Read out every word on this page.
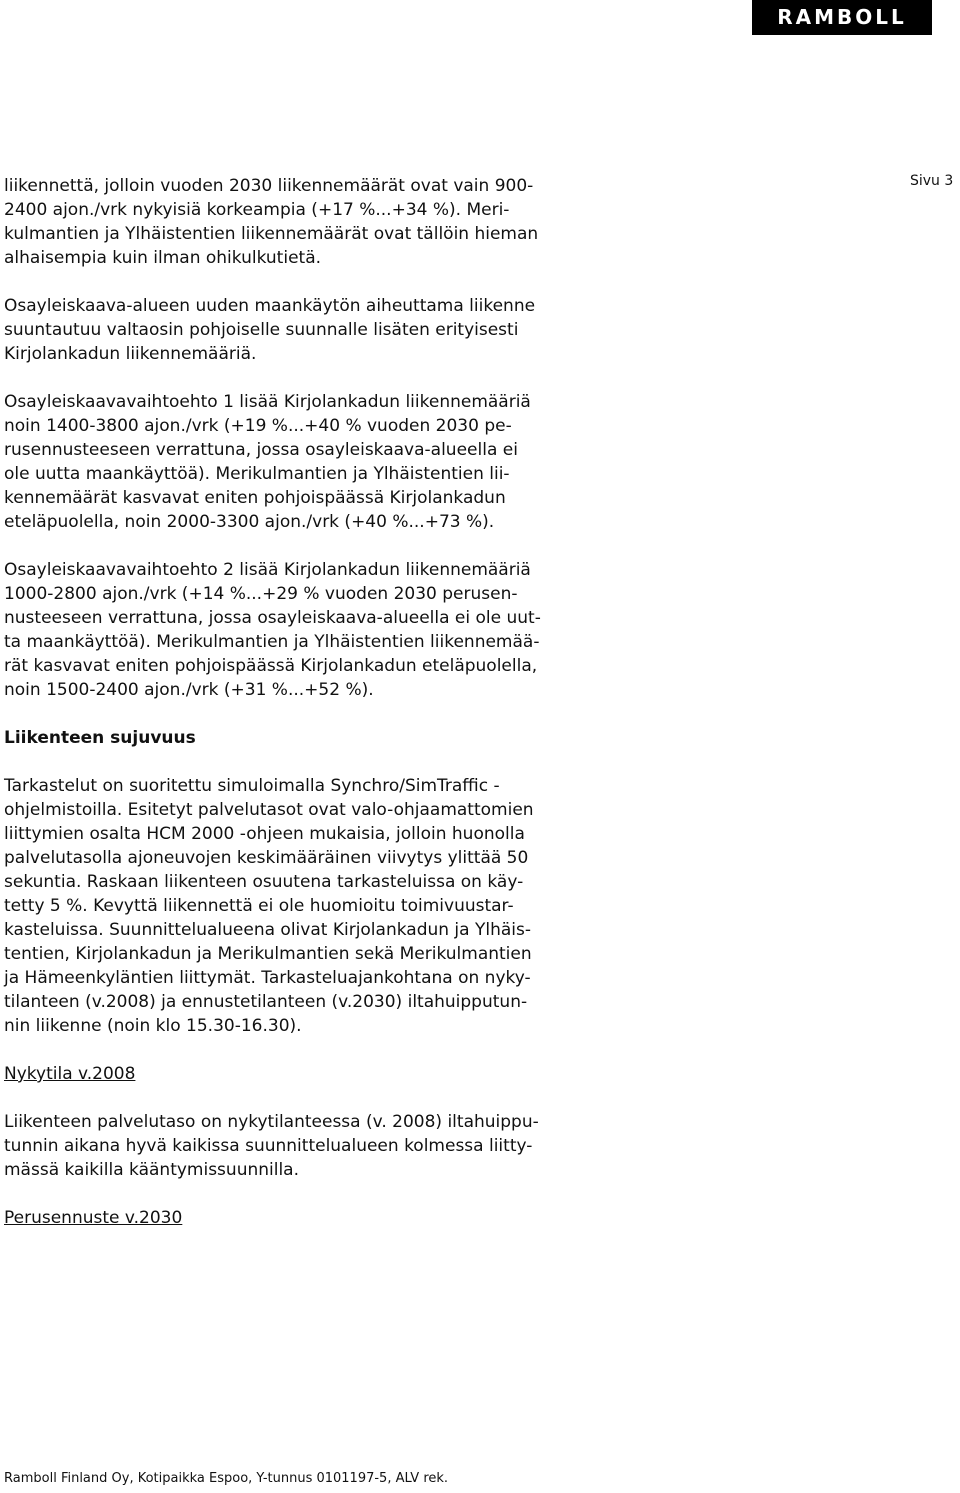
RAMBOLL
Sivu 3

liikennettä, jolloin vuoden 2030 liikennemäärät ovat vain 900-
2400 ajon./vrk nykyisiä korkeampia (+17 %...+34 %). Meri-
kulmantien ja Ylhäistentien liikennemäärät ovat tällöin hieman
alhaisempia kuin ilman ohikulkutietä.

Osayleiskaava-alueen uuden maankäytön aiheuttama liikenne
suuntautuu valtaosin pohjoiselle suunnalle lisäten erityisesti
Kirjolankadun liikennemääriä.

Osayleiskaavavaihtoehto 1 lisää Kirjolankadun liikennemääriä
noin 1400-3800 ajon./vrk (+19 %...+40 % vuoden 2030 pe-
rusennusteeseen verrattuna, jossa osayleiskaava-alueella ei
ole uutta maankäyttöä). Merikulmantien ja Ylhäistentien lii-
kennemäärät kasvavat eniten pohjoispäässä Kirjolankadun
eteläpuolella, noin 2000-3300 ajon./vrk (+40 %...+73 %).

Osayleiskaavavaihtoehto 2 lisää Kirjolankadun liikennemääriä
1000-2800 ajon./vrk (+14 %...+29 % vuoden 2030 perusen-
nusteeseen verrattuna, jossa osayleiskaava-alueella ei ole uut-
ta maankäyttöä). Merikulmantien ja Ylhäistentien liikennemää-
rät kasvavat eniten pohjoispäässä Kirjolankadun eteläpuolella,
noin 1500-2400 ajon./vrk (+31 %...+52 %).

Liikenteen sujuvuus

Tarkastelut on suoritettu simuloimalla Synchro/SimTraffic -
ohjelmistoilla. Esitetyt palvelutasot ovat valo-ohjaamattomien
liittymien osalta HCM 2000 -ohjeen mukaisia, jolloin huonolla
palvelutasolla ajoneuvojen keskimääräinen viivytys ylittää 50
sekuntia. Raskaan liikenteen osuutena tarkasteluissa on käy-
tetty 5 %. Kevyttä liikennettä ei ole huomioitu toimivuustar-
kasteluissa. Suunnittelualueena olivat Kirjolankadun ja Ylhäis-
tentien, Kirjolankadun ja Merikulmantien sekä Merikulmantien
ja Hämeenkyläntien liittymät. Tarkasteluajankohtana on nyky-
tilanteen (v.2008) ja ennustetilanteen (v.2030) iltahuipputun-
nin liikenne (noin klo 15.30-16.30).

Nykytila v.2008

Liikenteen palvelutaso on nykytilanteessa (v. 2008) iltahuippu-
tunnin aikana hyvä kaikissa suunnittelualueen kolmessa liitty-
mässä kaikilla kääntymissuunnilla.

Perusennuste v.2030
Ramboll Finland Oy, Kotipaikka Espoo, Y-tunnus 0101197-5, ALV rek.
